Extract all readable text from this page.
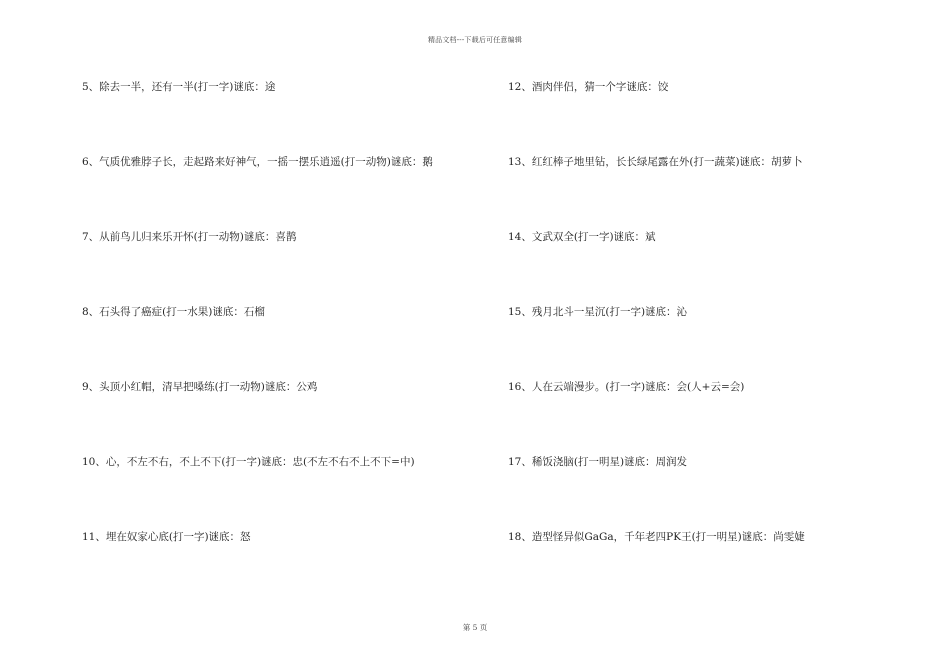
精品文档---下载后可任意编辑
5、除去一半，还有一半(打一字)谜底：途
6、气质优雅脖子长，走起路来好神气，一摇一摆乐逍遥(打一动物)谜底：鹅
7、从前鸟儿归来乐开怀(打一动物)谜底：喜鹊
8、石头得了癌症(打一水果)谜底：石榴
9、头顶小红帽，清早把嗓练(打一动物)谜底：公鸡
10、心，不左不右，不上不下(打一字)谜底：忠(不左不右不上不下=中)
11、埋在奴家心底(打一字)谜底：怒
12、酒肉伴侣，猜一个字谜底：饺
13、红红棒子地里钻，长长绿尾露在外(打一蔬菜)谜底：胡萝卜
14、文武双全(打一字)谜底：斌
15、残月北斗一星沉(打一字)谜底：沁
16、人在云端漫步。(打一字)谜底：会(人+云=会)
17、稀饭浇脑(打一明星)谜底：周润发
18、造型怪异似GaGa，千年老四PK王(打一明星)谜底：尚雯婕
第 5 页
